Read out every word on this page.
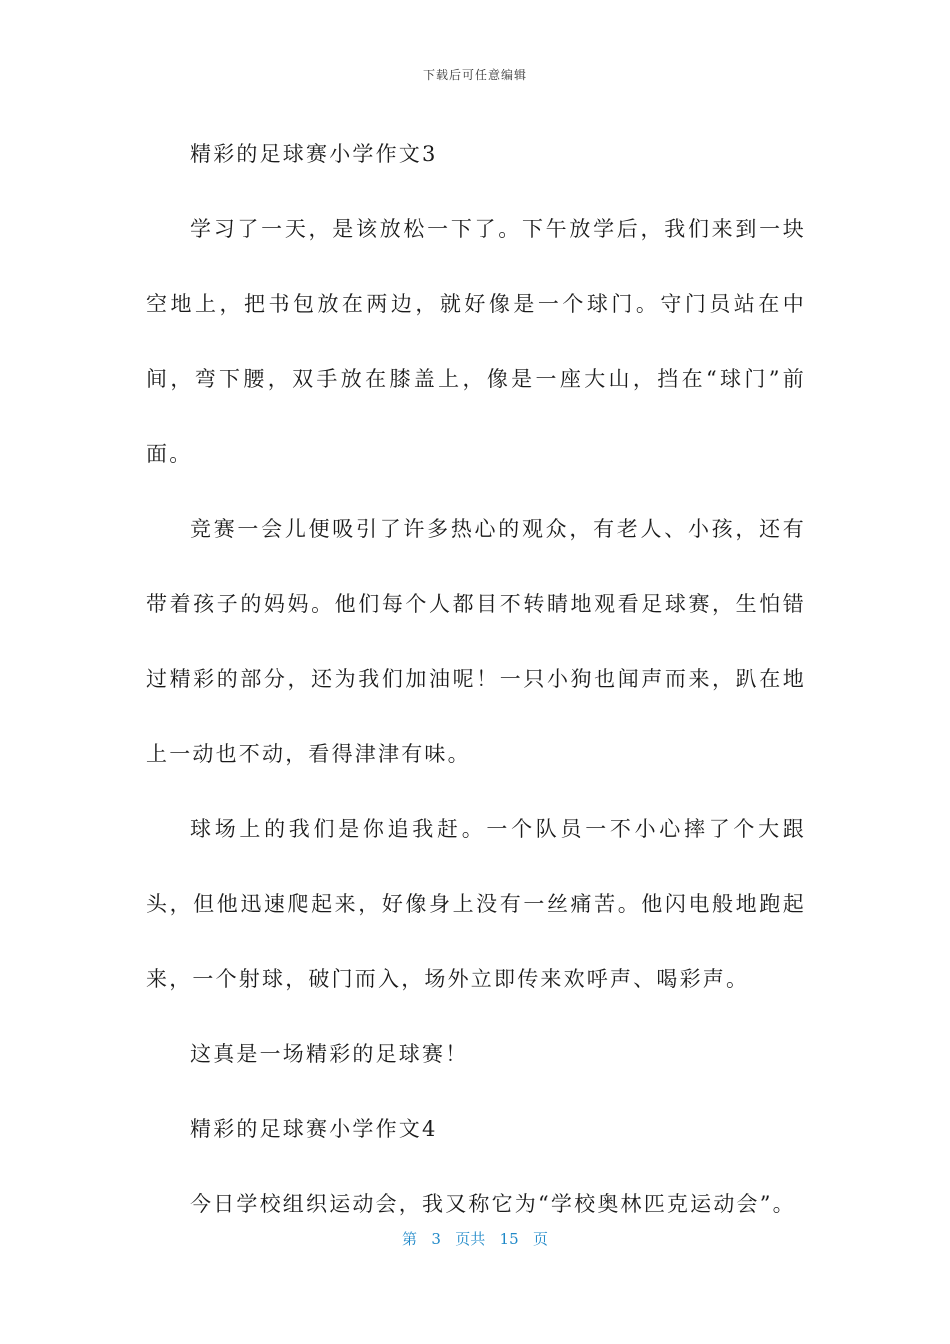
下载后可任意编辑

精彩的足球赛小学作文3

学习了一天，是该放松一下了。下午放学后，我们来到一块空地上，把书包放在两边，就好像是一个球门。守门员站在中间，弯下腰，双手放在膝盖上，像是一座大山，挡在“球门”前面。

竞赛一会儿便吸引了许多热心的观众，有老人、小孩，还有带着孩子的妈妈。他们每个人都目不转睛地观看足球赛，生怕错过精彩的部分，还为我们加油呢！一只小狗也闻声而来，趴在地上一动也不动，看得津津有味。

球场上的我们是你追我赶。一个队员一不小心摔了个大跟头，但他迅速爬起来，好像身上没有一丝痛苦。他闪电般地跑起来，一个射球，破门而入，场外立即传来欢呼声、喝彩声。

这真是一场精彩的足球赛！

精彩的足球赛小学作文4

今日学校组织运动会，我又称它为“学校奥林匹克运动会”。

第 3 页共 15 页
